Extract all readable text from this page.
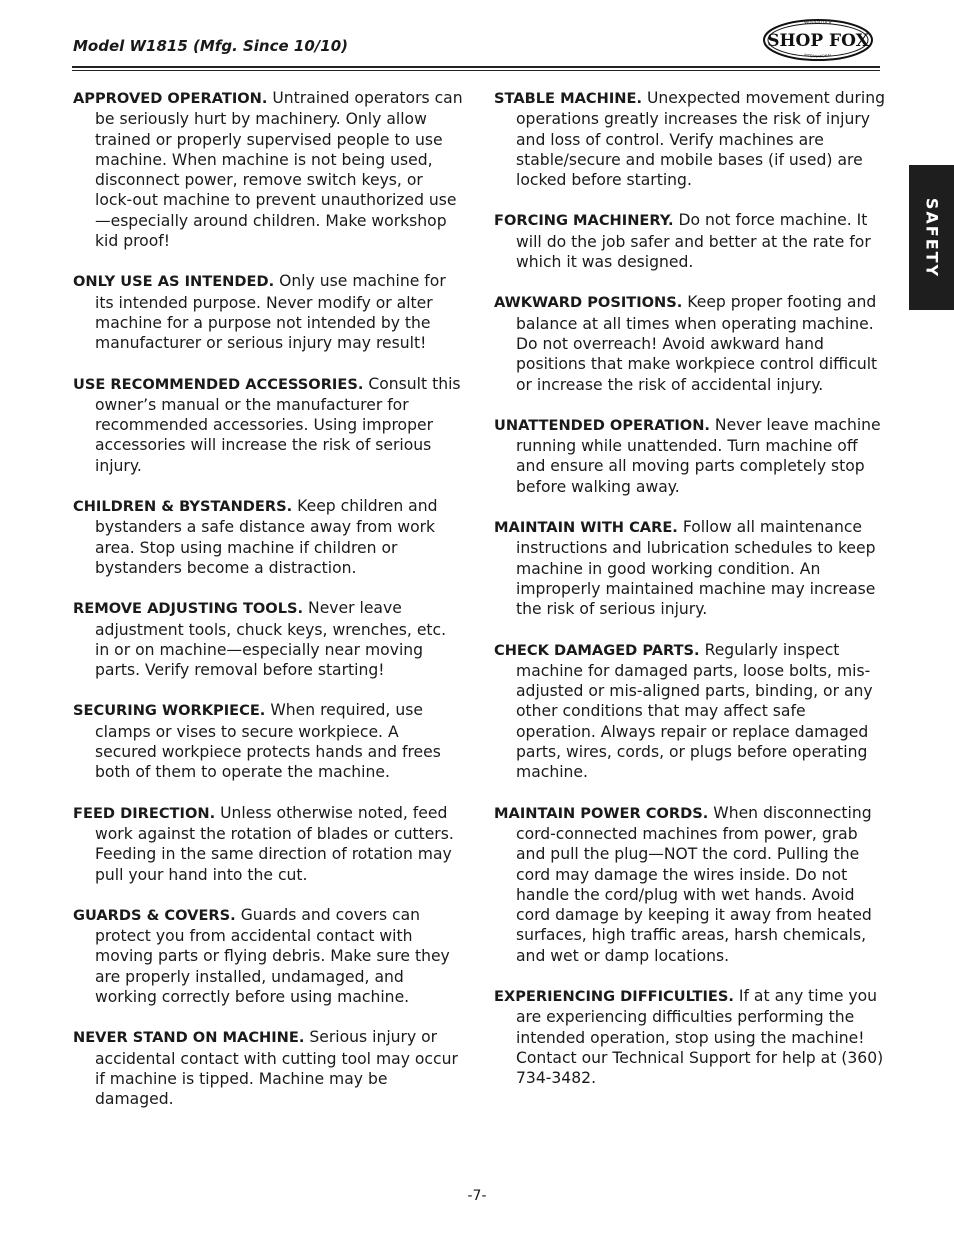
Model W1815 (Mfg. Since 10/10)
WOODSTOCK
INTERNATIONAL
SHOP FOX
SAFETY

APPROVED OPERATION. Untrained operators can be seriously hurt by machinery. Only allow trained or properly supervised people to use machine. When machine is not being used, disconnect power, remove switch keys, or lock-out machine to prevent unauthorized use—especially around children. Make workshop kid proof!

ONLY USE AS INTENDED. Only use machine for its intended purpose. Never modify or alter machine for a purpose not intended by the manufacturer or serious injury may result!

USE RECOMMENDED ACCESSORIES. Consult this owner’s manual or the manufacturer for recommended accessories. Using improper accessories will increase the risk of serious injury.

CHILDREN & BYSTANDERS. Keep children and bystanders a safe distance away from work area. Stop using machine if children or bystanders become a distraction.

REMOVE ADJUSTING TOOLS. Never leave adjustment tools, chuck keys, wrenches, etc. in or on machine—especially near moving parts. Verify removal before starting!

SECURING WORKPIECE. When required, use clamps or vises to secure workpiece. A secured workpiece protects hands and frees both of them to operate the machine.

FEED DIRECTION. Unless otherwise noted, feed work against the rotation of blades or cutters. Feeding in the same direction of rotation may pull your hand into the cut.

GUARDS & COVERS. Guards and covers can protect you from accidental contact with moving parts or flying debris. Make sure they are properly installed, undamaged, and working correctly before using machine.

NEVER STAND ON MACHINE. Serious injury or accidental contact with cutting tool may occur if machine is tipped. Machine may be damaged.

STABLE MACHINE. Unexpected movement during operations greatly increases the risk of injury and loss of control. Verify machines are stable/secure and mobile bases (if used) are locked before starting.

FORCING MACHINERY. Do not force machine. It will do the job safer and better at the rate for which it was designed.

AWKWARD POSITIONS. Keep proper footing and balance at all times when operating machine. Do not overreach! Avoid awkward hand positions that make workpiece control difficult or increase the risk of accidental injury.

UNATTENDED OPERATION. Never leave machine running while unattended. Turn machine off and ensure all moving parts completely stop before walking away.

MAINTAIN WITH CARE. Follow all maintenance instructions and lubrication schedules to keep machine in good working condition. An improperly maintained machine may increase the risk of serious injury.

CHECK DAMAGED PARTS. Regularly inspect machine for damaged parts, loose bolts, mis-adjusted or mis-aligned parts, binding, or any other conditions that may affect safe operation. Always repair or replace damaged parts, wires, cords, or plugs before operating machine.

MAINTAIN POWER CORDS. When disconnecting cord-connected machines from power, grab and pull the plug—NOT the cord. Pulling the cord may damage the wires inside. Do not handle the cord/plug with wet hands. Avoid cord damage by keeping it away from heated surfaces, high traffic areas, harsh chemicals, and wet or damp locations.

EXPERIENCING DIFFICULTIES. If at any time you are experiencing difficulties performing the intended operation, stop using the machine! Contact our Technical Support for help at (360) 734-3482.

-7-
